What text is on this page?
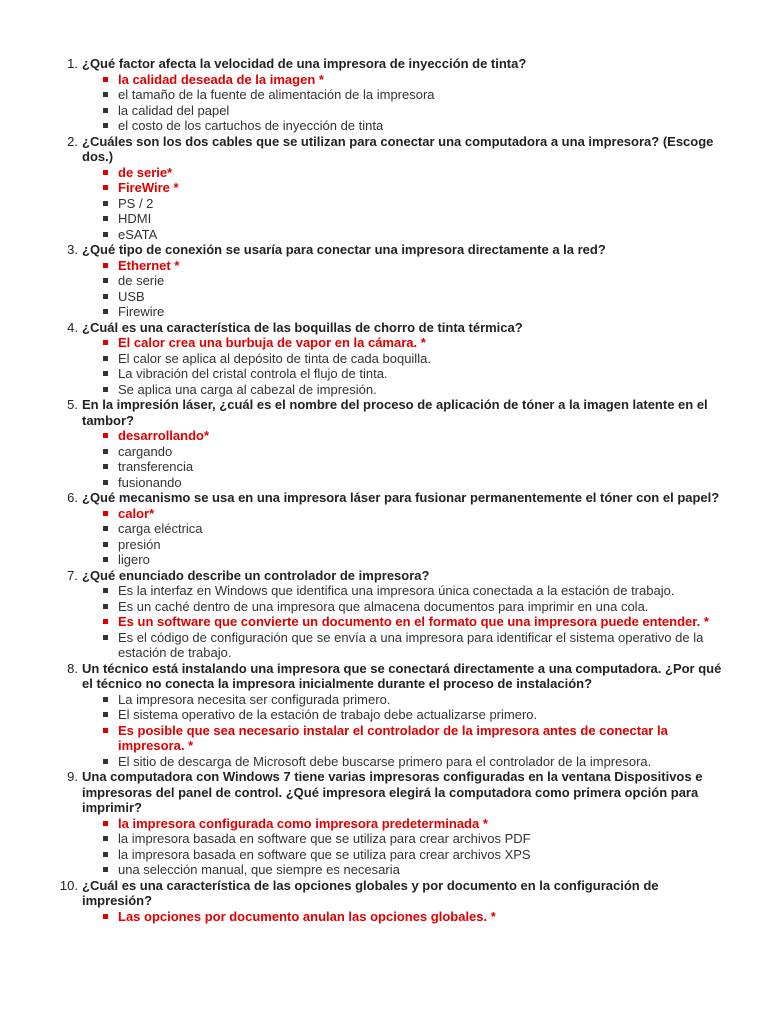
1. ¿Qué factor afecta la velocidad de una impresora de inyección de tinta?
la calidad deseada de la imagen *
el tamaño de la fuente de alimentación de la impresora
la calidad del papel
el costo de los cartuchos de inyección de tinta
2. ¿Cuáles son los dos cables que se utilizan para conectar una computadora a una impresora? (Escoge dos.)
de serie*
FireWire *
PS / 2
HDMI
eSATA
3. ¿Qué tipo de conexión se usaría para conectar una impresora directamente a la red?
Ethernet *
de serie
USB
Firewire
4. ¿Cuál es una característica de las boquillas de chorro de tinta térmica?
El calor crea una burbuja de vapor en la cámara. *
El calor se aplica al depósito de tinta de cada boquilla.
La vibración del cristal controla el flujo de tinta.
Se aplica una carga al cabezal de impresión.
5. En la impresión láser, ¿cuál es el nombre del proceso de aplicación de tóner a la imagen latente en el tambor?
desarrollando*
cargando
transferencia
fusionando
6. ¿Qué mecanismo se usa en una impresora láser para fusionar permanentemente el tóner con el papel?
calor*
carga eléctrica
presión
ligero
7. ¿Qué enunciado describe un controlador de impresora?
Es la interfaz en Windows que identifica una impresora única conectada a la estación de trabajo.
Es un caché dentro de una impresora que almacena documentos para imprimir en una cola.
Es un software que convierte un documento en el formato que una impresora puede entender. *
Es el código de configuración que se envía a una impresora para identificar el sistema operativo de la estación de trabajo.
8. Un técnico está instalando una impresora que se conectará directamente a una computadora. ¿Por qué el técnico no conecta la impresora inicialmente durante el proceso de instalación?
La impresora necesita ser configurada primero.
El sistema operativo de la estación de trabajo debe actualizarse primero.
Es posible que sea necesario instalar el controlador de la impresora antes de conectar la impresora. *
El sitio de descarga de Microsoft debe buscarse primero para el controlador de la impresora.
9. Una computadora con Windows 7 tiene varias impresoras configuradas en la ventana Dispositivos e impresoras del panel de control. ¿Qué impresora elegirá la computadora como primera opción para imprimir?
la impresora configurada como impresora predeterminada *
la impresora basada en software que se utiliza para crear archivos PDF
la impresora basada en software que se utiliza para crear archivos XPS
una selección manual, que siempre es necesaria
10. ¿Cuál es una característica de las opciones globales y por documento en la configuración de impresión?
Las opciones por documento anulan las opciones globales. *
